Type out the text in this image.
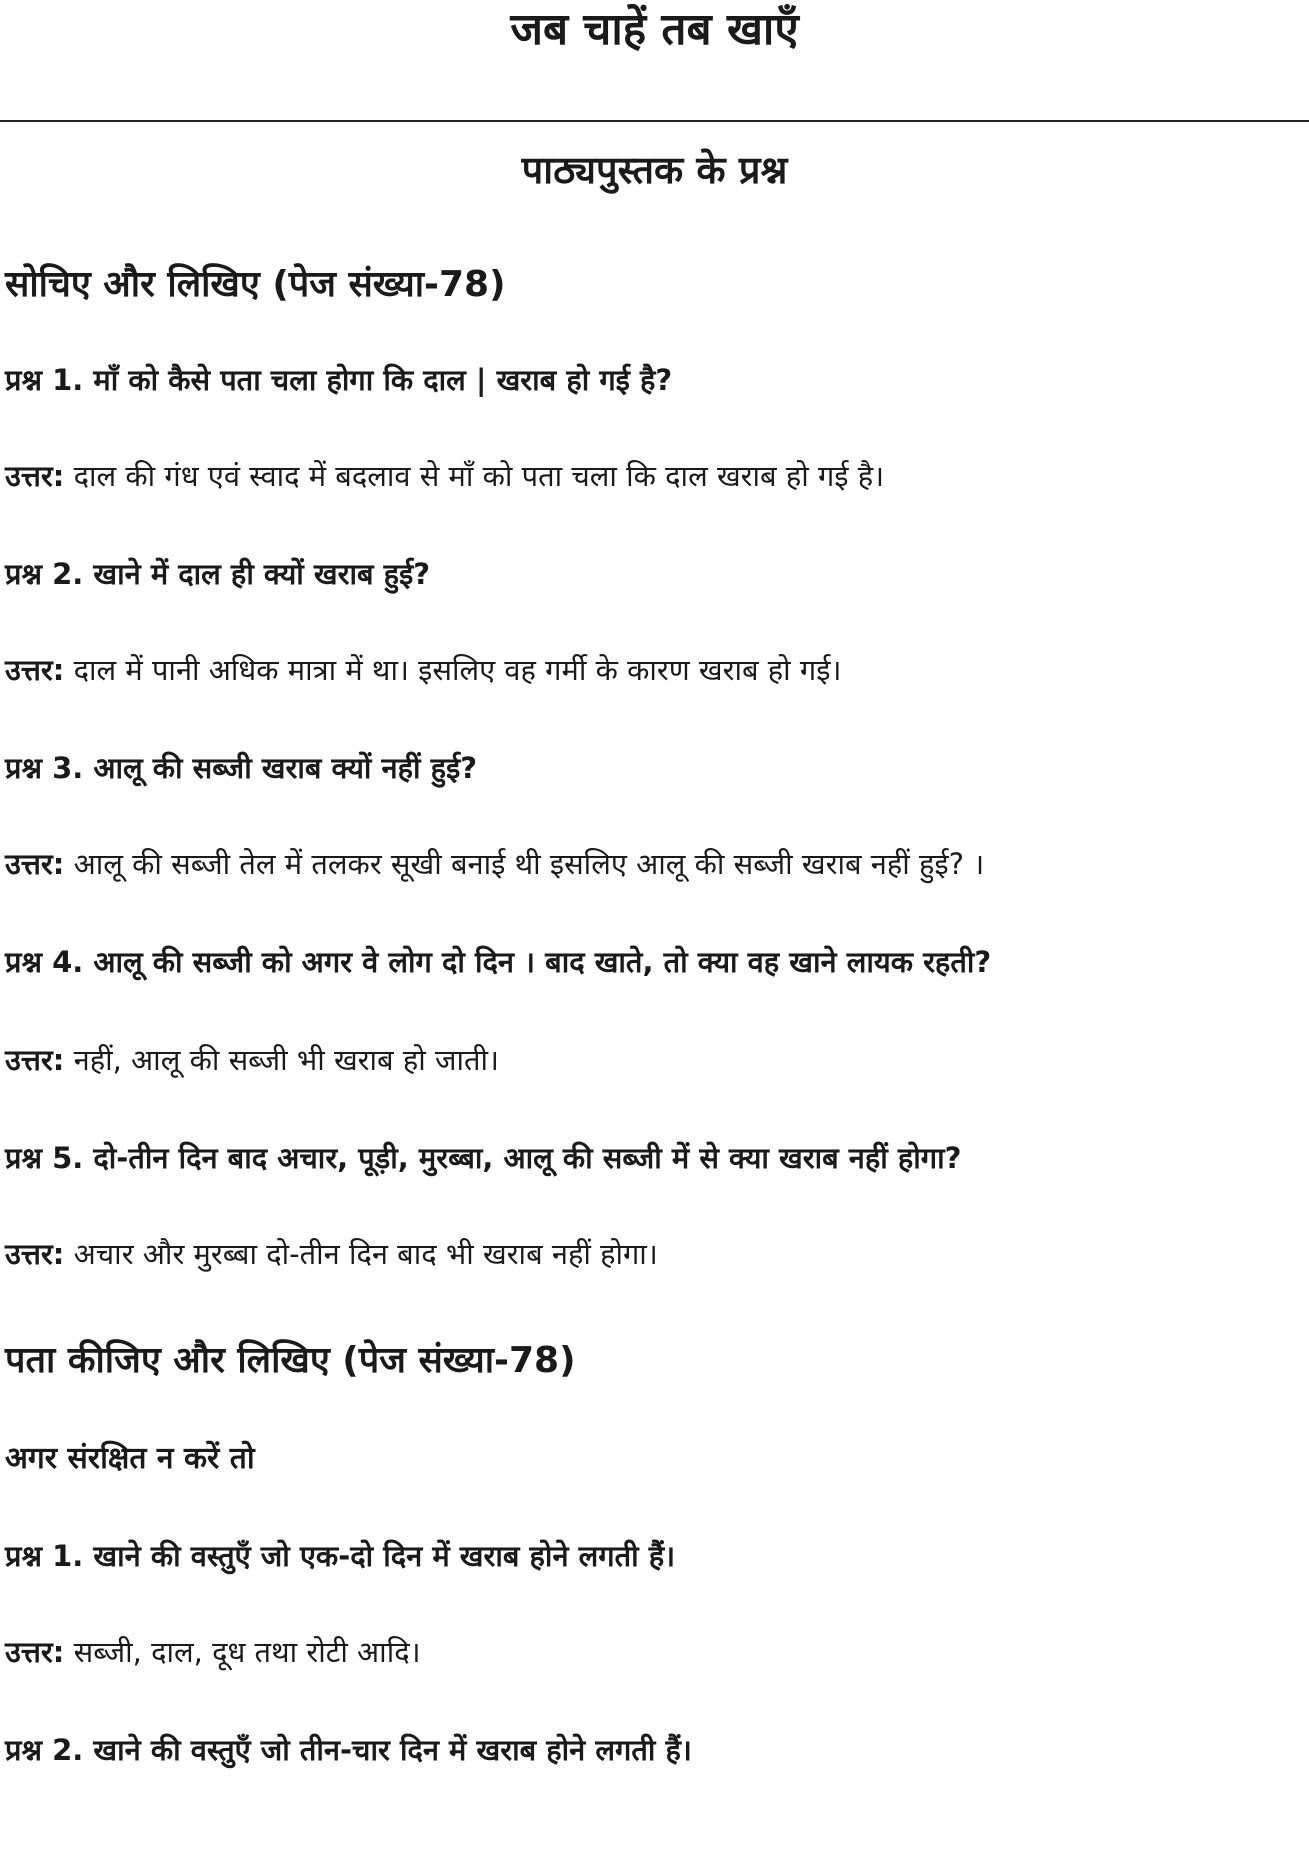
जब चाहें तब खाएँ
पाठ्यपुस्तक के प्रश्न
सोचिए और लिखिए (पेज संख्या-78)

प्रश्न 1. माँ को कैसे पता चला होगा कि दाल | खराब हो गई है?

उत्तर: दाल की गंध एवं स्वाद में बदलाव से माँ को पता चला कि दाल खराब हो गई है।

प्रश्न 2. खाने में दाल ही क्यों खराब हुई?

उत्तर: दाल में पानी अधिक मात्रा में था। इसलिए वह गर्मी के कारण खराब हो गई।

प्रश्न 3. आलू की सब्जी खराब क्यों नहीं हुई?

उत्तर: आलू की सब्जी तेल में तलकर सूखी बनाई थी इसलिए आलू की सब्जी खराब नहीं हुई? ।

प्रश्न 4. आलू की सब्जी को अगर वे लोग दो दिन । बाद खाते, तो क्या वह खाने लायक रहती?

उत्तर: नहीं, आलू की सब्जी भी खराब हो जाती।

प्रश्न 5. दो-तीन दिन बाद अचार, पूड़ी, मुरब्बा, आलू की सब्जी में से क्या खराब नहीं होगा?

उत्तर: अचार और मुरब्बा दो-तीन दिन बाद भी खराब नहीं होगा।

पता कीजिए और लिखिए (पेज संख्या-78)

अगर संरक्षित न करें तो

प्रश्न 1. खाने की वस्तुएँ जो एक-दो दिन में खराब होने लगती हैं।

उत्तर: सब्जी, दाल, दूध तथा रोटी आदि।

प्रश्न 2. खाने की वस्तुएँ जो तीन-चार दिन में खराब होने लगती हैं।
